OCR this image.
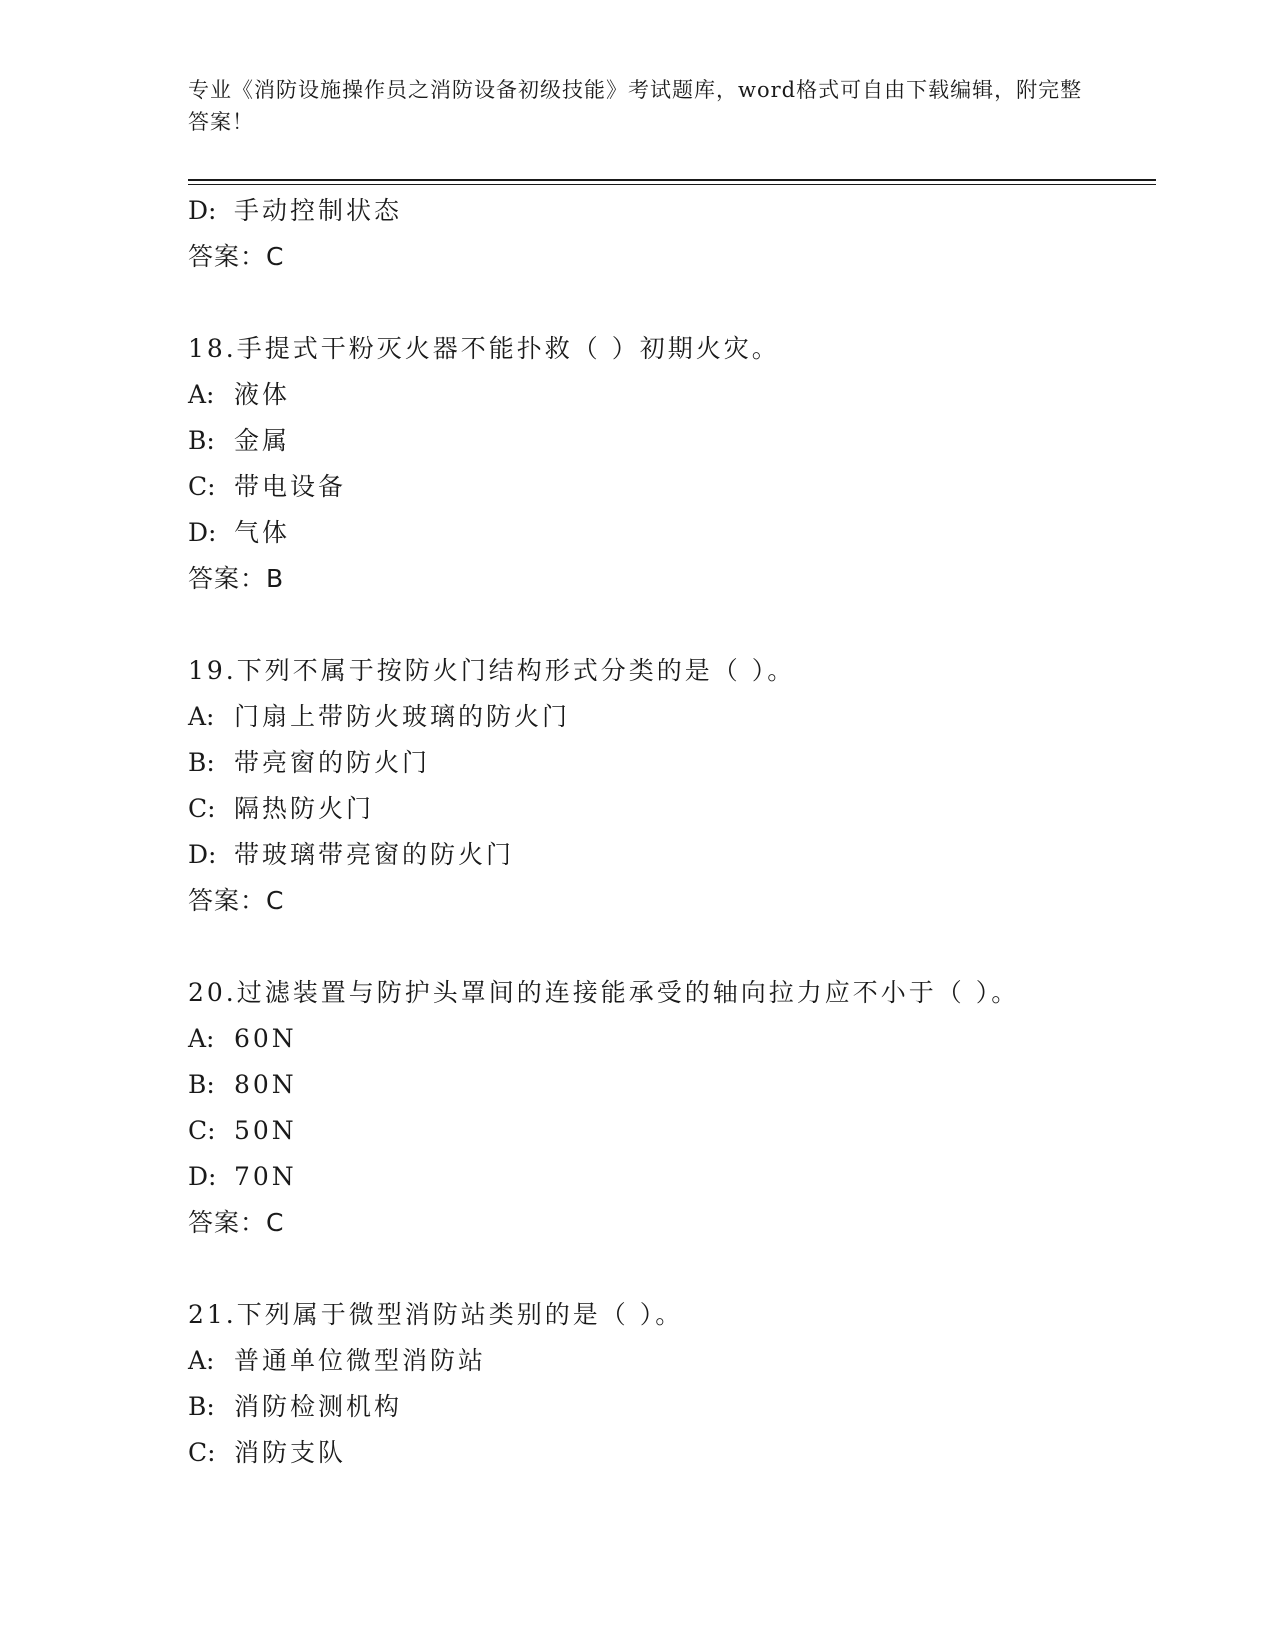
专业《消防设施操作员之消防设备初级技能》考试题库，word格式可自由下载编辑，附完整答案！
D: 手动控制状态
答案：C
18.手提式干粉灭火器不能扑救（ ）初期火灾。
A: 液体
B: 金属
C: 带电设备
D: 气体
答案：B
19.下列不属于按防火门结构形式分类的是（ ）。
A: 门扇上带防火玻璃的防火门
B: 带亮窗的防火门
C: 隔热防火门
D: 带玻璃带亮窗的防火门
答案：C
20.过滤装置与防护头罩间的连接能承受的轴向拉力应不小于（ ）。
A: 60N
B: 80N
C: 50N
D: 70N
答案：C
21.下列属于微型消防站类别的是（ ）。
A: 普通单位微型消防站
B: 消防检测机构
C: 消防支队
